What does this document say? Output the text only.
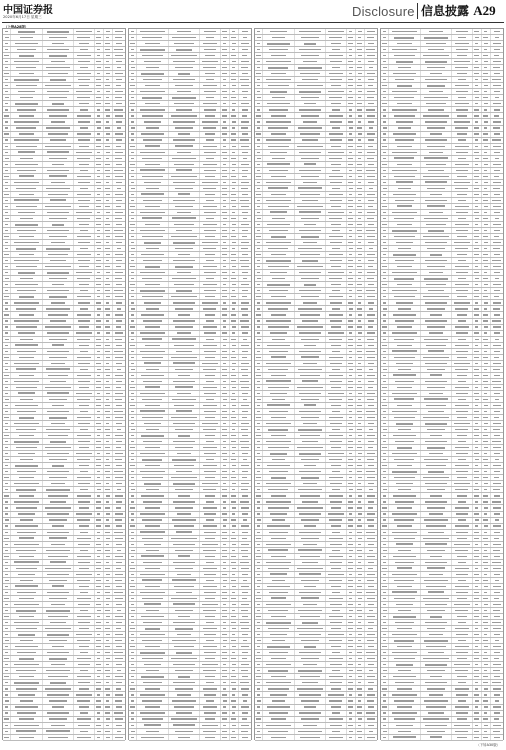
中国证券报
2020年6月17日 星期三	Disclosure 信息披露 A29
（上接A28版）
（下转A30版）
